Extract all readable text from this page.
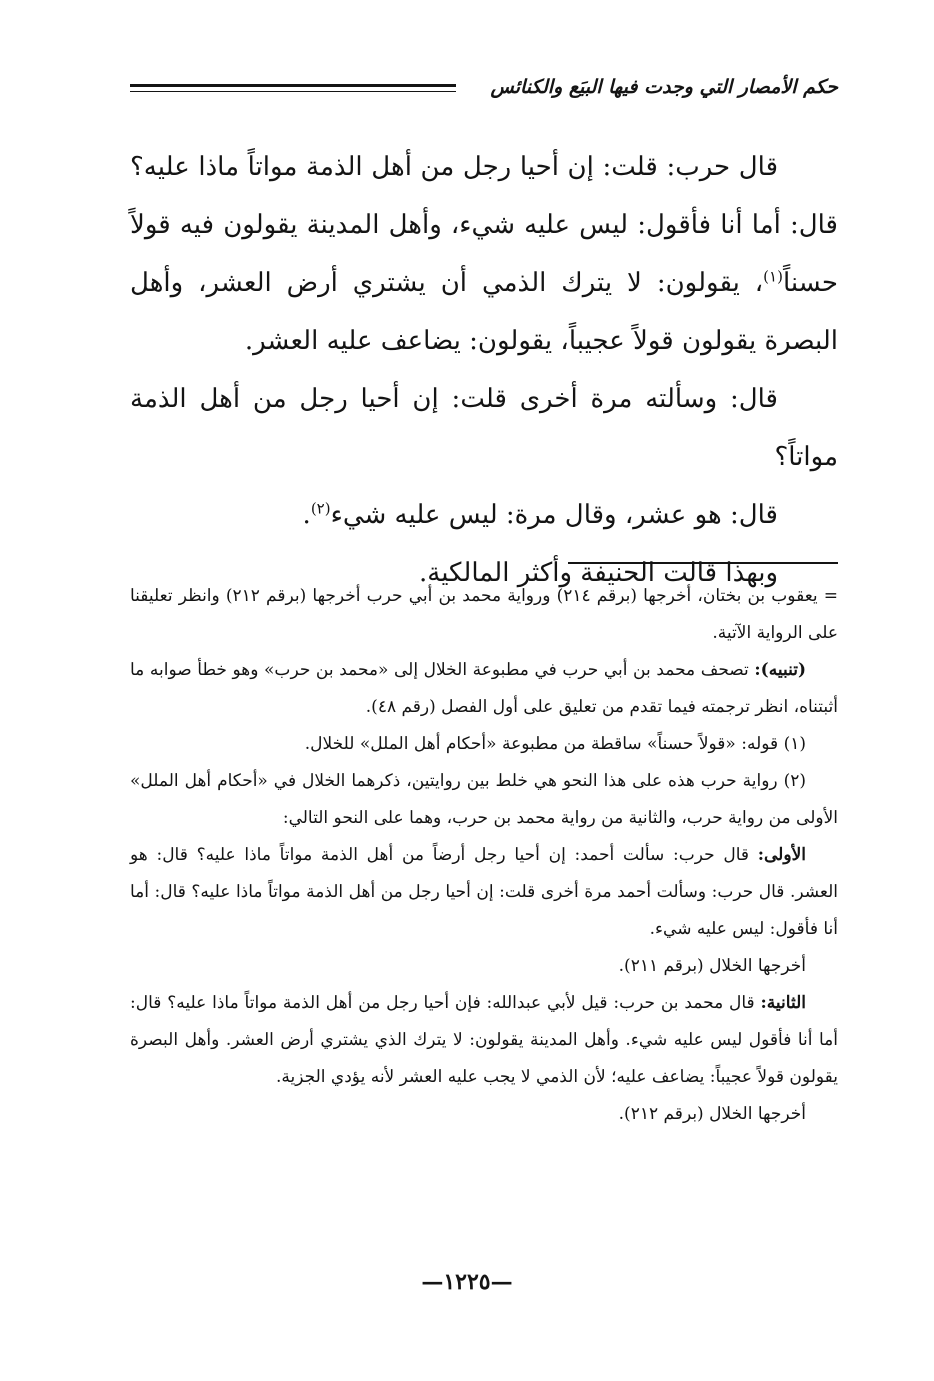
حكم الأمصار التي وجدت فيها البيَع والكنائس

قال حرب: قلت: إن أحيا رجل من أهل الذمة مواتاً ماذا عليه؟ قال: أما أنا فأقول: ليس عليه شيء، وأهل المدينة يقولون فيه قولاً حسناً$^{(١)}$، يقولون: لا يترك الذمي أن يشتري أرض العشر، وأهل البصرة يقولون قولاً عجيباً، يقولون: يضاعف عليه العشر.

قال: وسألته مرة أخرى قلت: إن أحيا رجل من أهل الذمة مواتاً؟

قال: هو عشر، وقال مرة: ليس عليه شيء$^{(٢)}$.

وبهذا قالت الحنيفة وأكثر المالكية.

= يعقوب بن بختان، أخرجها (برقم ٢١٤) ورواية محمد بن أبي حرب أخرجها (برقم ٢١٢) وانظر تعليقنا على الرواية الآتية.

(تنبيه): تصحف محمد بن أبي حرب في مطبوعة الخلال إلى «محمد بن حرب» وهو خطأ صوابه ما أثبتناه، انظر ترجمته فيما تقدم من تعليق على أول الفصل (رقم ٤٨).

(١) قوله: «قولاً حسناً» ساقطة من مطبوعة «أحكام أهل الملل» للخلال.

(٢) رواية حرب هذه على هذا النحو هي خلط بين روايتين، ذكرهما الخلال في «أحكام أهل الملل» الأولى من رواية حرب، والثانية من رواية محمد بن حرب، وهما على النحو التالي:

الأولى: قال حرب: سألت أحمد: إن أحيا رجل أرضاً من أهل الذمة مواتاً ماذا عليه؟ قال: هو العشر. قال حرب: وسألت أحمد مرة أخرى قلت: إن أحيا رجل من أهل الذمة مواتاً ماذا عليه؟ قال: أما أنا فأقول: ليس عليه شيء.

أخرجها الخلال (برقم ٢١١).

الثانية: قال محمد بن حرب: قيل لأبي عبدالله: فإن أحيا رجل من أهل الذمة مواتاً ماذا عليه؟ قال: أما أنا فأقول ليس عليه شيء. وأهل المدينة يقولون: لا يترك الذي يشتري أرض العشر. وأهل البصرة يقولون قولاً عجيباً: يضاعف عليه؛ لأن الذمي لا يجب عليه العشر لأنه يؤدي الجزية.

أخرجها الخلال (برقم ٢١٢).

—١٢٢٥—
